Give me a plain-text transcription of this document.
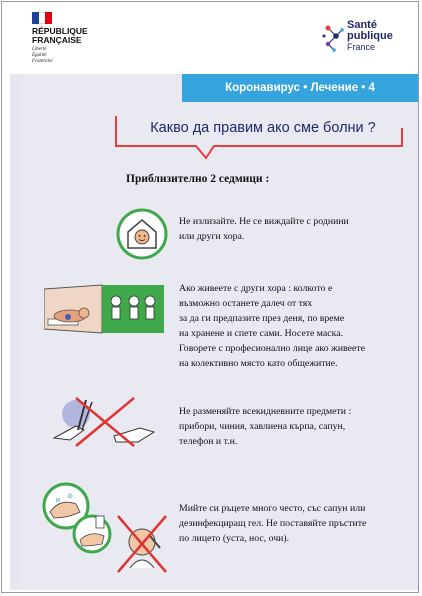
RÉPUBLIQUE
FRANÇAISE
Liberté
Égalité
Fraternité
Santé
publique
France
Коронавирус • Лечение • 4
Какво да правим ако сме болни ?
Приблизително 2 седмици :
Не излизайте. Не се виждайте с роднини
или други хора.
Ако живеете с други хора : колкото е
възможно останете далеч от тях
за да ги предпазите през деня, по време
на хранене и спете сами. Носете маска.
Говорете с професионално лице ако живеете
на колективно място като общежитие.
Не разменяйте всекидневните предмети :
прибори, чиния, хавлиена кърпа, сапун,
телефон и т.н.
Мийте си ръцете много често, със сапун или
дезинфекциращ гел. Не поставяйте пръстите
по лицето (уста, нос, очи).
